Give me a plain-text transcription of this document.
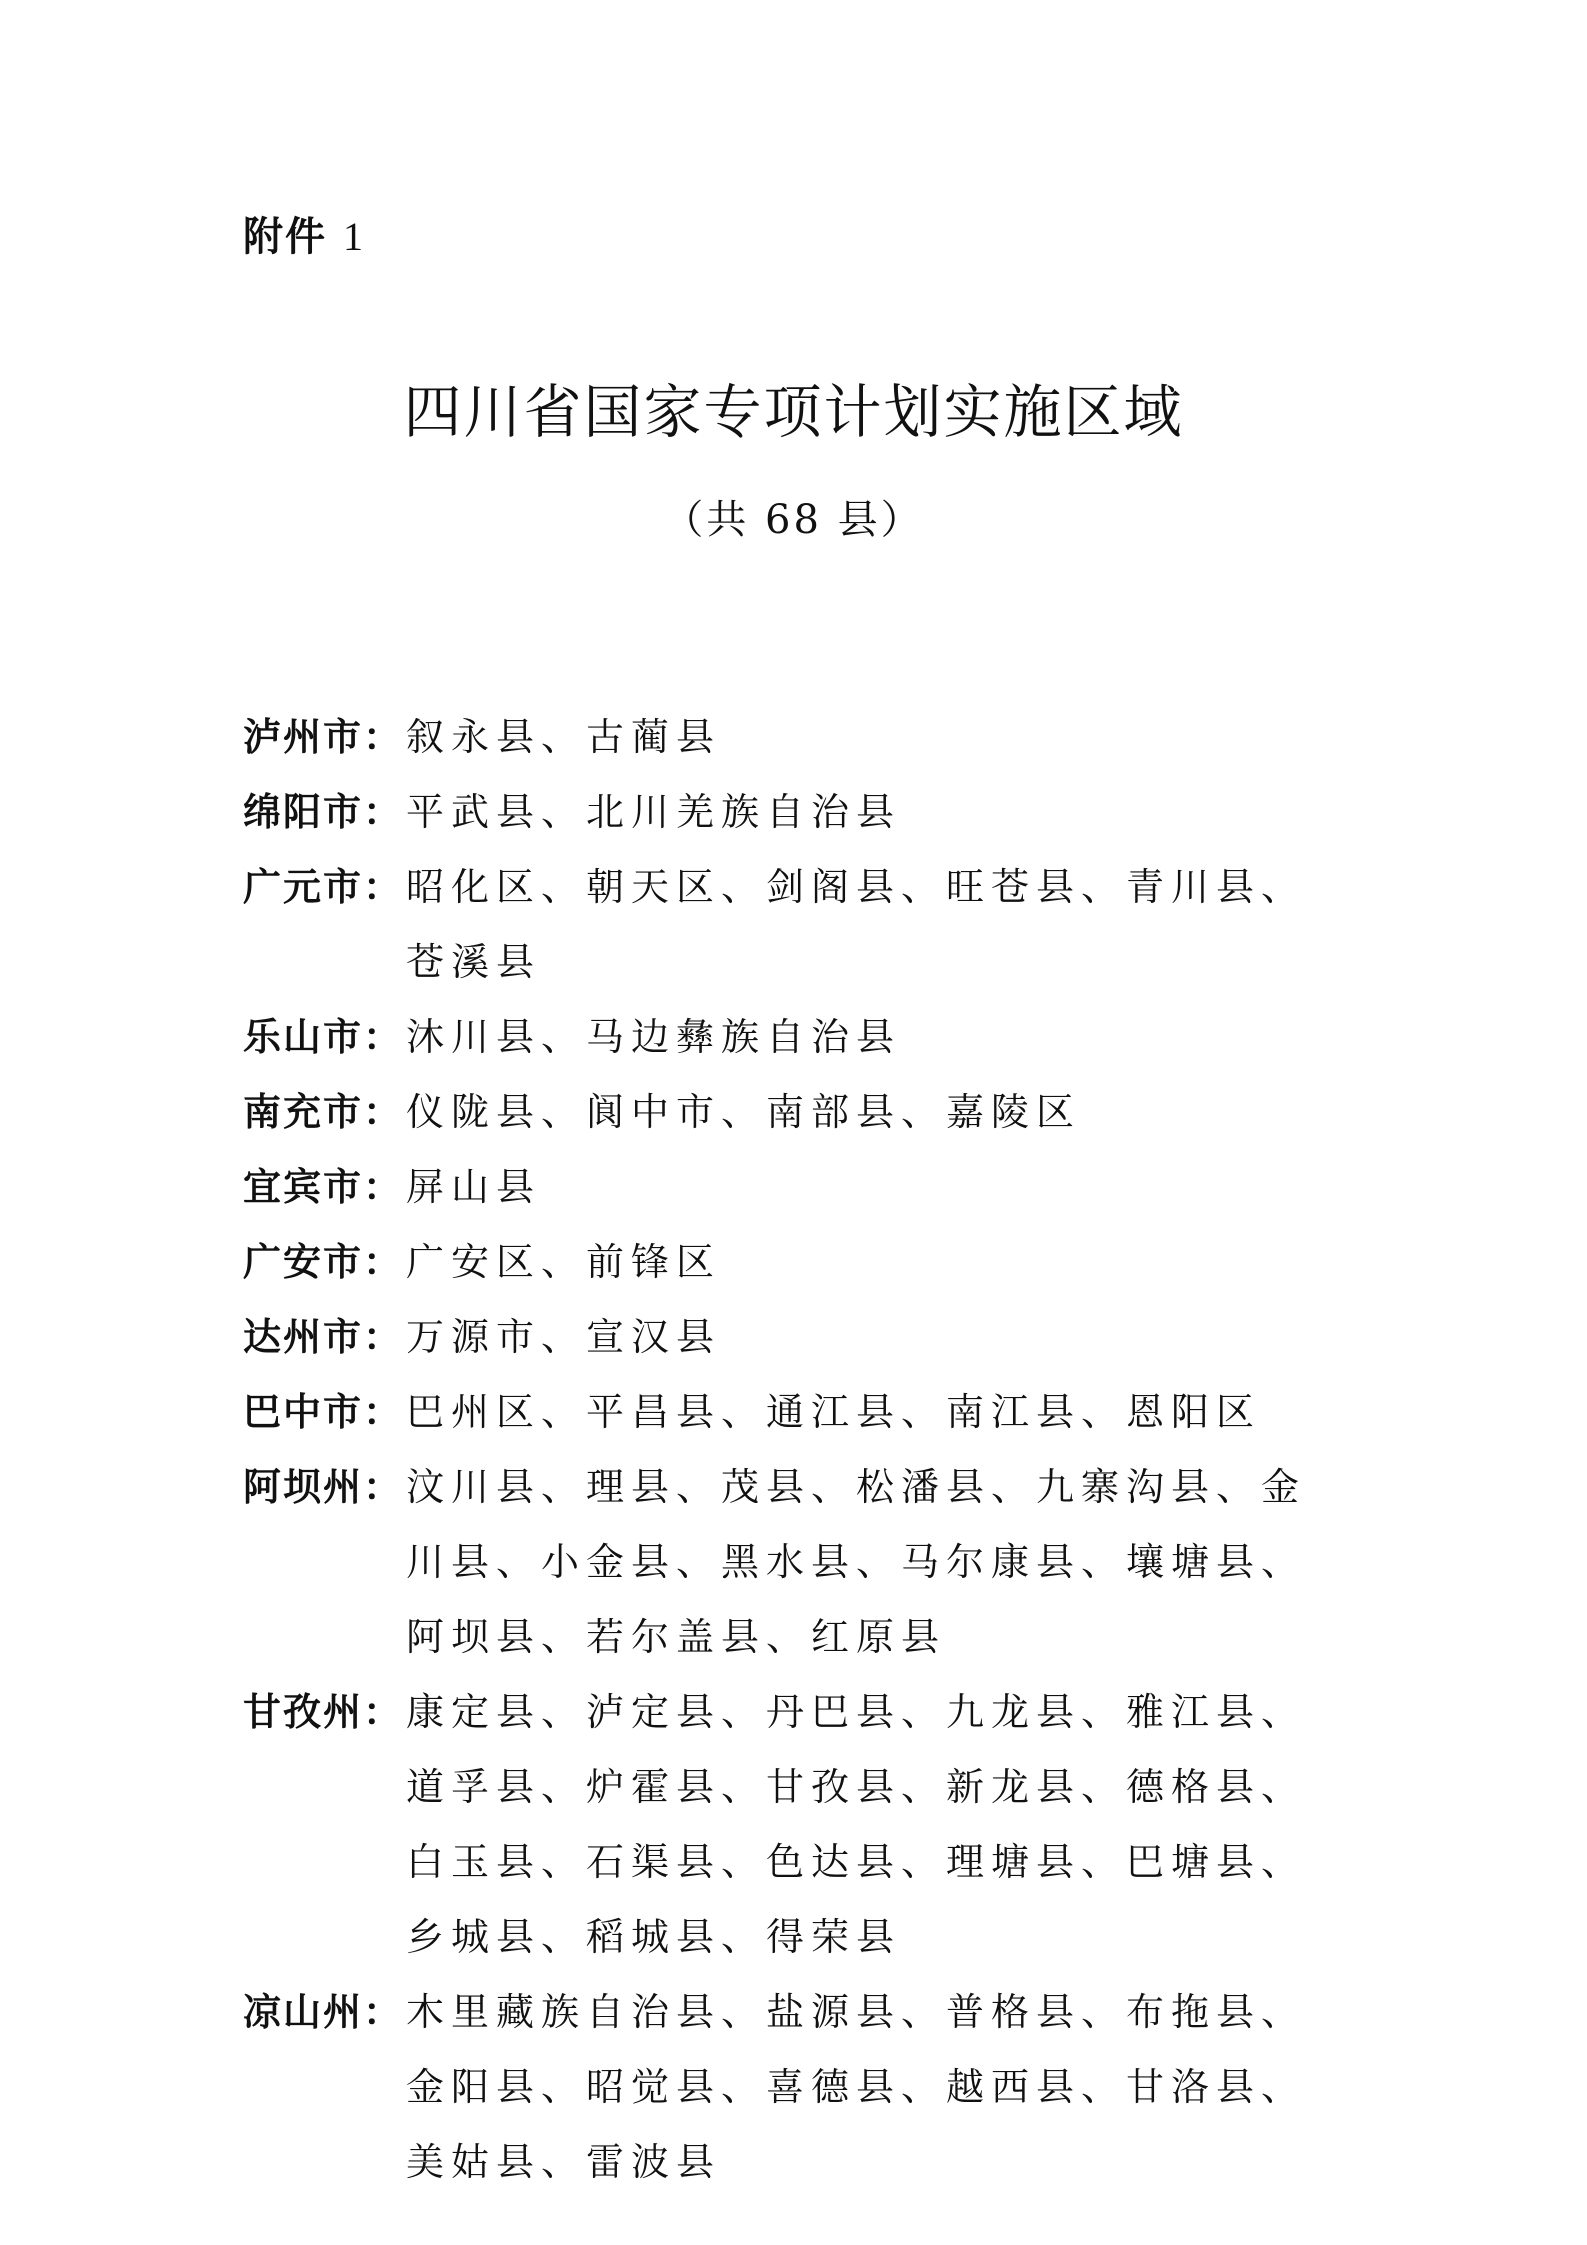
附件 1
四川省国家专项计划实施区域
（共 68 县）
泸州市： 叙永县、古蔺县
绵阳市： 平武县、北川羌族自治县
广元市： 昭化区、朝天区、剑阁县、旺苍县、青川县、苍溪县
乐山市： 沐川县、马边彝族自治县
南充市： 仪陇县、阆中市、南部县、嘉陵区
宜宾市： 屏山县
广安市： 广安区、前锋区
达州市： 万源市、宣汉县
巴中市： 巴州区、平昌县、通江县、南江县、恩阳区
阿坝州： 汶川县、理县、茂县、松潘县、九寨沟县、金川县、小金县、黑水县、马尔康县、壤塘县、阿坝县、若尔盖县、红原县
甘孜州： 康定县、泸定县、丹巴县、九龙县、雅江县、道孚县、炉霍县、甘孜县、新龙县、德格县、白玉县、石渠县、色达县、理塘县、巴塘县、乡城县、稻城县、得荣县
凉山州： 木里藏族自治县、盐源县、普格县、布拖县、金阳县、昭觉县、喜德县、越西县、甘洛县、美姑县、雷波县
